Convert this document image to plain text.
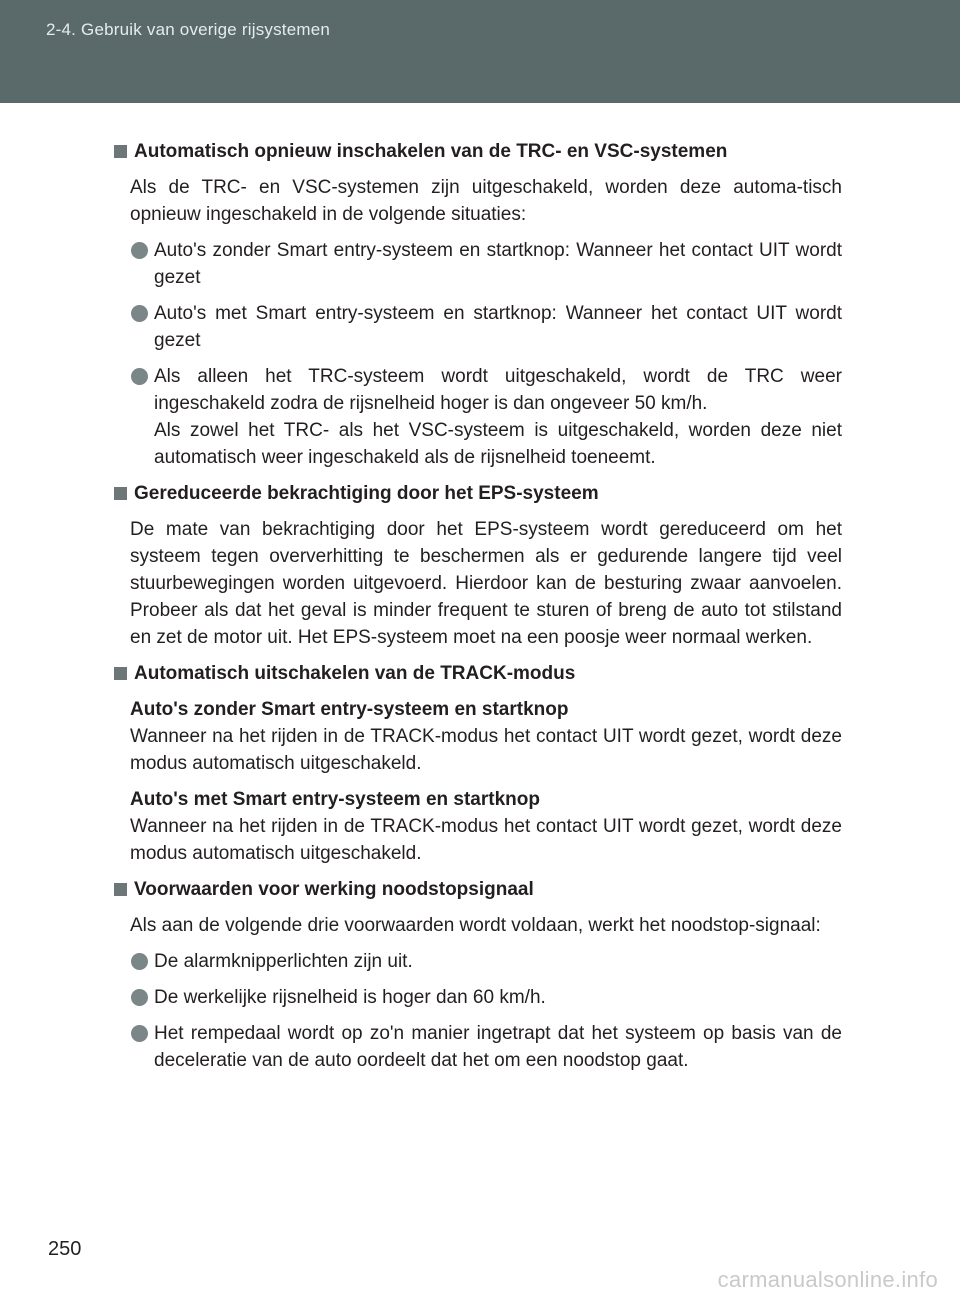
2-4. Gebruik van overige rijsystemen
Automatisch opnieuw inschakelen van de TRC- en VSC-systemen
Als de TRC- en VSC-systemen zijn uitgeschakeld, worden deze automa-tisch opnieuw ingeschakeld in de volgende situaties:
Auto's zonder Smart entry-systeem en startknop: Wanneer het contact UIT wordt gezet
Auto's met Smart entry-systeem en startknop: Wanneer het contact UIT wordt gezet
Als alleen het TRC-systeem wordt uitgeschakeld, wordt de TRC weer ingeschakeld zodra de rijsnelheid hoger is dan ongeveer 50 km/h.
Als zowel het TRC- als het VSC-systeem is uitgeschakeld, worden deze niet automatisch weer ingeschakeld als de rijsnelheid toeneemt.
Gereduceerde bekrachtiging door het EPS-systeem
De mate van bekrachtiging door het EPS-systeem wordt gereduceerd om het systeem tegen oververhitting te beschermen als er gedurende langere tijd veel stuurbewegingen worden uitgevoerd. Hierdoor kan de besturing zwaar aanvoelen. Probeer als dat het geval is minder frequent te sturen of breng de auto tot stilstand en zet de motor uit. Het EPS-systeem moet na een poosje weer normaal werken.
Automatisch uitschakelen van de TRACK-modus
Auto's zonder Smart entry-systeem en startknop
Wanneer na het rijden in de TRACK-modus het contact UIT wordt gezet, wordt deze modus automatisch uitgeschakeld.
Auto's met Smart entry-systeem en startknop
Wanneer na het rijden in de TRACK-modus het contact UIT wordt gezet, wordt deze modus automatisch uitgeschakeld.
Voorwaarden voor werking noodstopsignaal
Als aan de volgende drie voorwaarden wordt voldaan, werkt het noodstop-signaal:
De alarmknipperlichten zijn uit.
De werkelijke rijsnelheid is hoger dan 60 km/h.
Het rempedaal wordt op zo'n manier ingetrapt dat het systeem op basis van de deceleratie van de auto oordeelt dat het om een noodstop gaat.
250
carmanualsonline.info
